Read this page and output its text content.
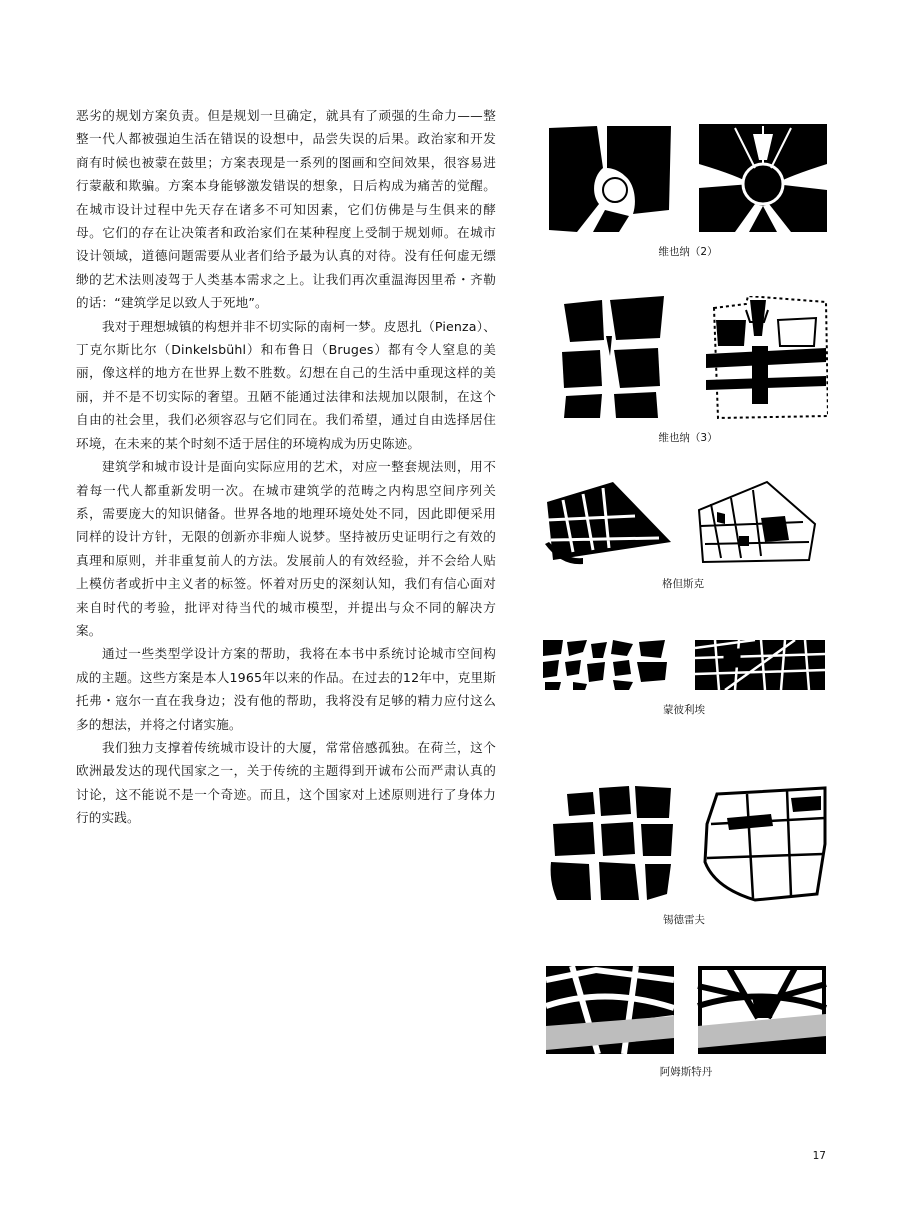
恶劣的规划方案负责。但是规划一旦确定，就具有了顽强的生命力——整整一代人都被强迫生活在错误的设想中，品尝失误的后果。政治家和开发商有时候也被蒙在鼓里；方案表现是一系列的图画和空间效果，很容易进行蒙蔽和欺骗。方案本身能够激发错误的想象，日后构成为痛苦的觉醒。在城市设计过程中先天存在诸多不可知因素，它们仿佛是与生俱来的酵母。它们的存在让决策者和政治家们在某种程度上受制于规划师。在城市设计领域，道德问题需要从业者们给予最为认真的对待。没有任何虚无缥缈的艺术法则凌驾于人类基本需求之上。让我们再次重温海因里希・齐勒的话：“建筑学足以致人于死地”。

我对于理想城镇的构想并非不切实际的南柯一梦。皮恩扎（Pienza）、丁克尔斯比尔（Dinkelsbühl）和布鲁日（Bruges）都有令人窒息的美丽，像这样的地方在世界上数不胜数。幻想在自己的生活中重现这样的美丽，并不是不切实际的奢望。丑陋不能通过法律和法规加以限制，在这个自由的社会里，我们必须容忍与它们同在。我们希望，通过自由选择居住环境，在未来的某个时刻不适于居住的环境构成为历史陈迹。

建筑学和城市设计是面向实际应用的艺术，对应一整套规法则，用不着每一代人都重新发明一次。在城市建筑学的范畴之内构思空间序列关系，需要庞大的知识储备。世界各地的地理环境处处不同，因此即便采用同样的设计方针，无限的创新亦非痴人说梦。坚持被历史证明行之有效的真理和原则，并非重复前人的方法。发展前人的有效经验，并不会给人贴上模仿者或折中主义者的标签。怀着对历史的深刻认知，我们有信心面对来自时代的考验，批评对待当代的城市模型，并提出与众不同的解决方案。

通过一些类型学设计方案的帮助，我将在本书中系统讨论城市空间构成的主题。这些方案是本人1965年以来的作品。在过去的12年中，克里斯托弗・寇尔一直在我身边；没有他的帮助，我将没有足够的精力应付这么多的想法，并将之付诸实施。

我们独力支撑着传统城市设计的大厦，常常倍感孤独。在荷兰，这个欧洲最发达的现代国家之一，关于传统的主题得到开诚布公而严肃认真的讨论，这不能说不是一个奇迹。而且，这个国家对上述原则进行了身体力行的实践。

维也纳（2）
维也纳（3）
格但斯克
蒙彼利埃
锡德雷夫
阿姆斯特丹
17
